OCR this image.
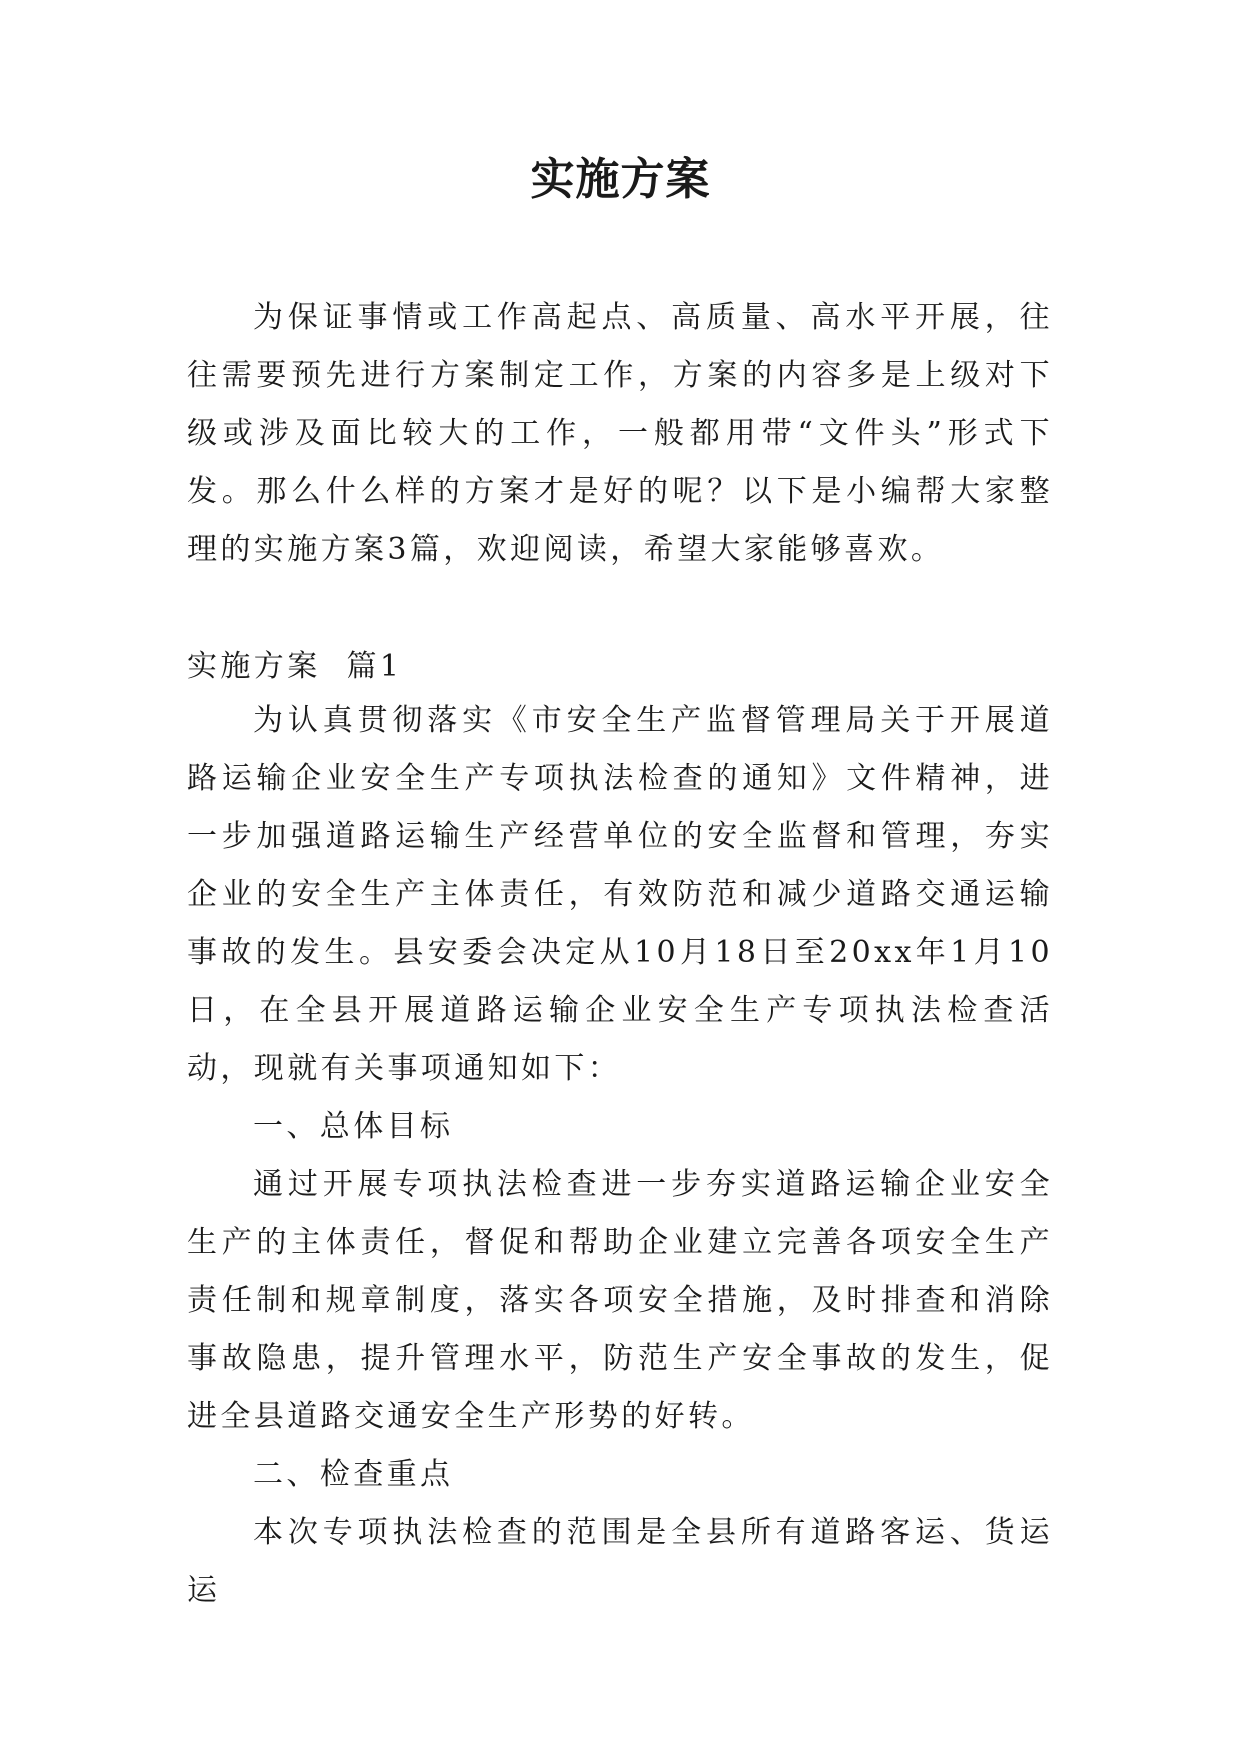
实施方案

为保证事情或工作高起点、高质量、高水平开展，往往需要预先进行方案制定工作，方案的内容多是上级对下级或涉及面比较大的工作，一般都用带“文件头”形式下发。那么什么样的方案才是好的呢？以下是小编帮大家整理的实施方案3篇，欢迎阅读，希望大家能够喜欢。

实施方案  篇1

为认真贯彻落实《市安全生产监督管理局关于开展道路运输企业安全生产专项执法检查的通知》文件精神，进一步加强道路运输生产经营单位的安全监督和管理，夯实企业的安全生产主体责任，有效防范和减少道路交通运输事故的发生。县安委会决定从10月18日至20xx年1月10日，在全县开展道路运输企业安全生产专项执法检查活动，现就有关事项通知如下：

一、总体目标

通过开展专项执法检查进一步夯实道路运输企业安全生产的主体责任，督促和帮助企业建立完善各项安全生产责任制和规章制度，落实各项安全措施，及时排查和消除事故隐患，提升管理水平，防范生产安全事故的发生，促进全县道路交通安全生产形势的好转。

二、检查重点

本次专项执法检查的范围是全县所有道路客运、货运运
